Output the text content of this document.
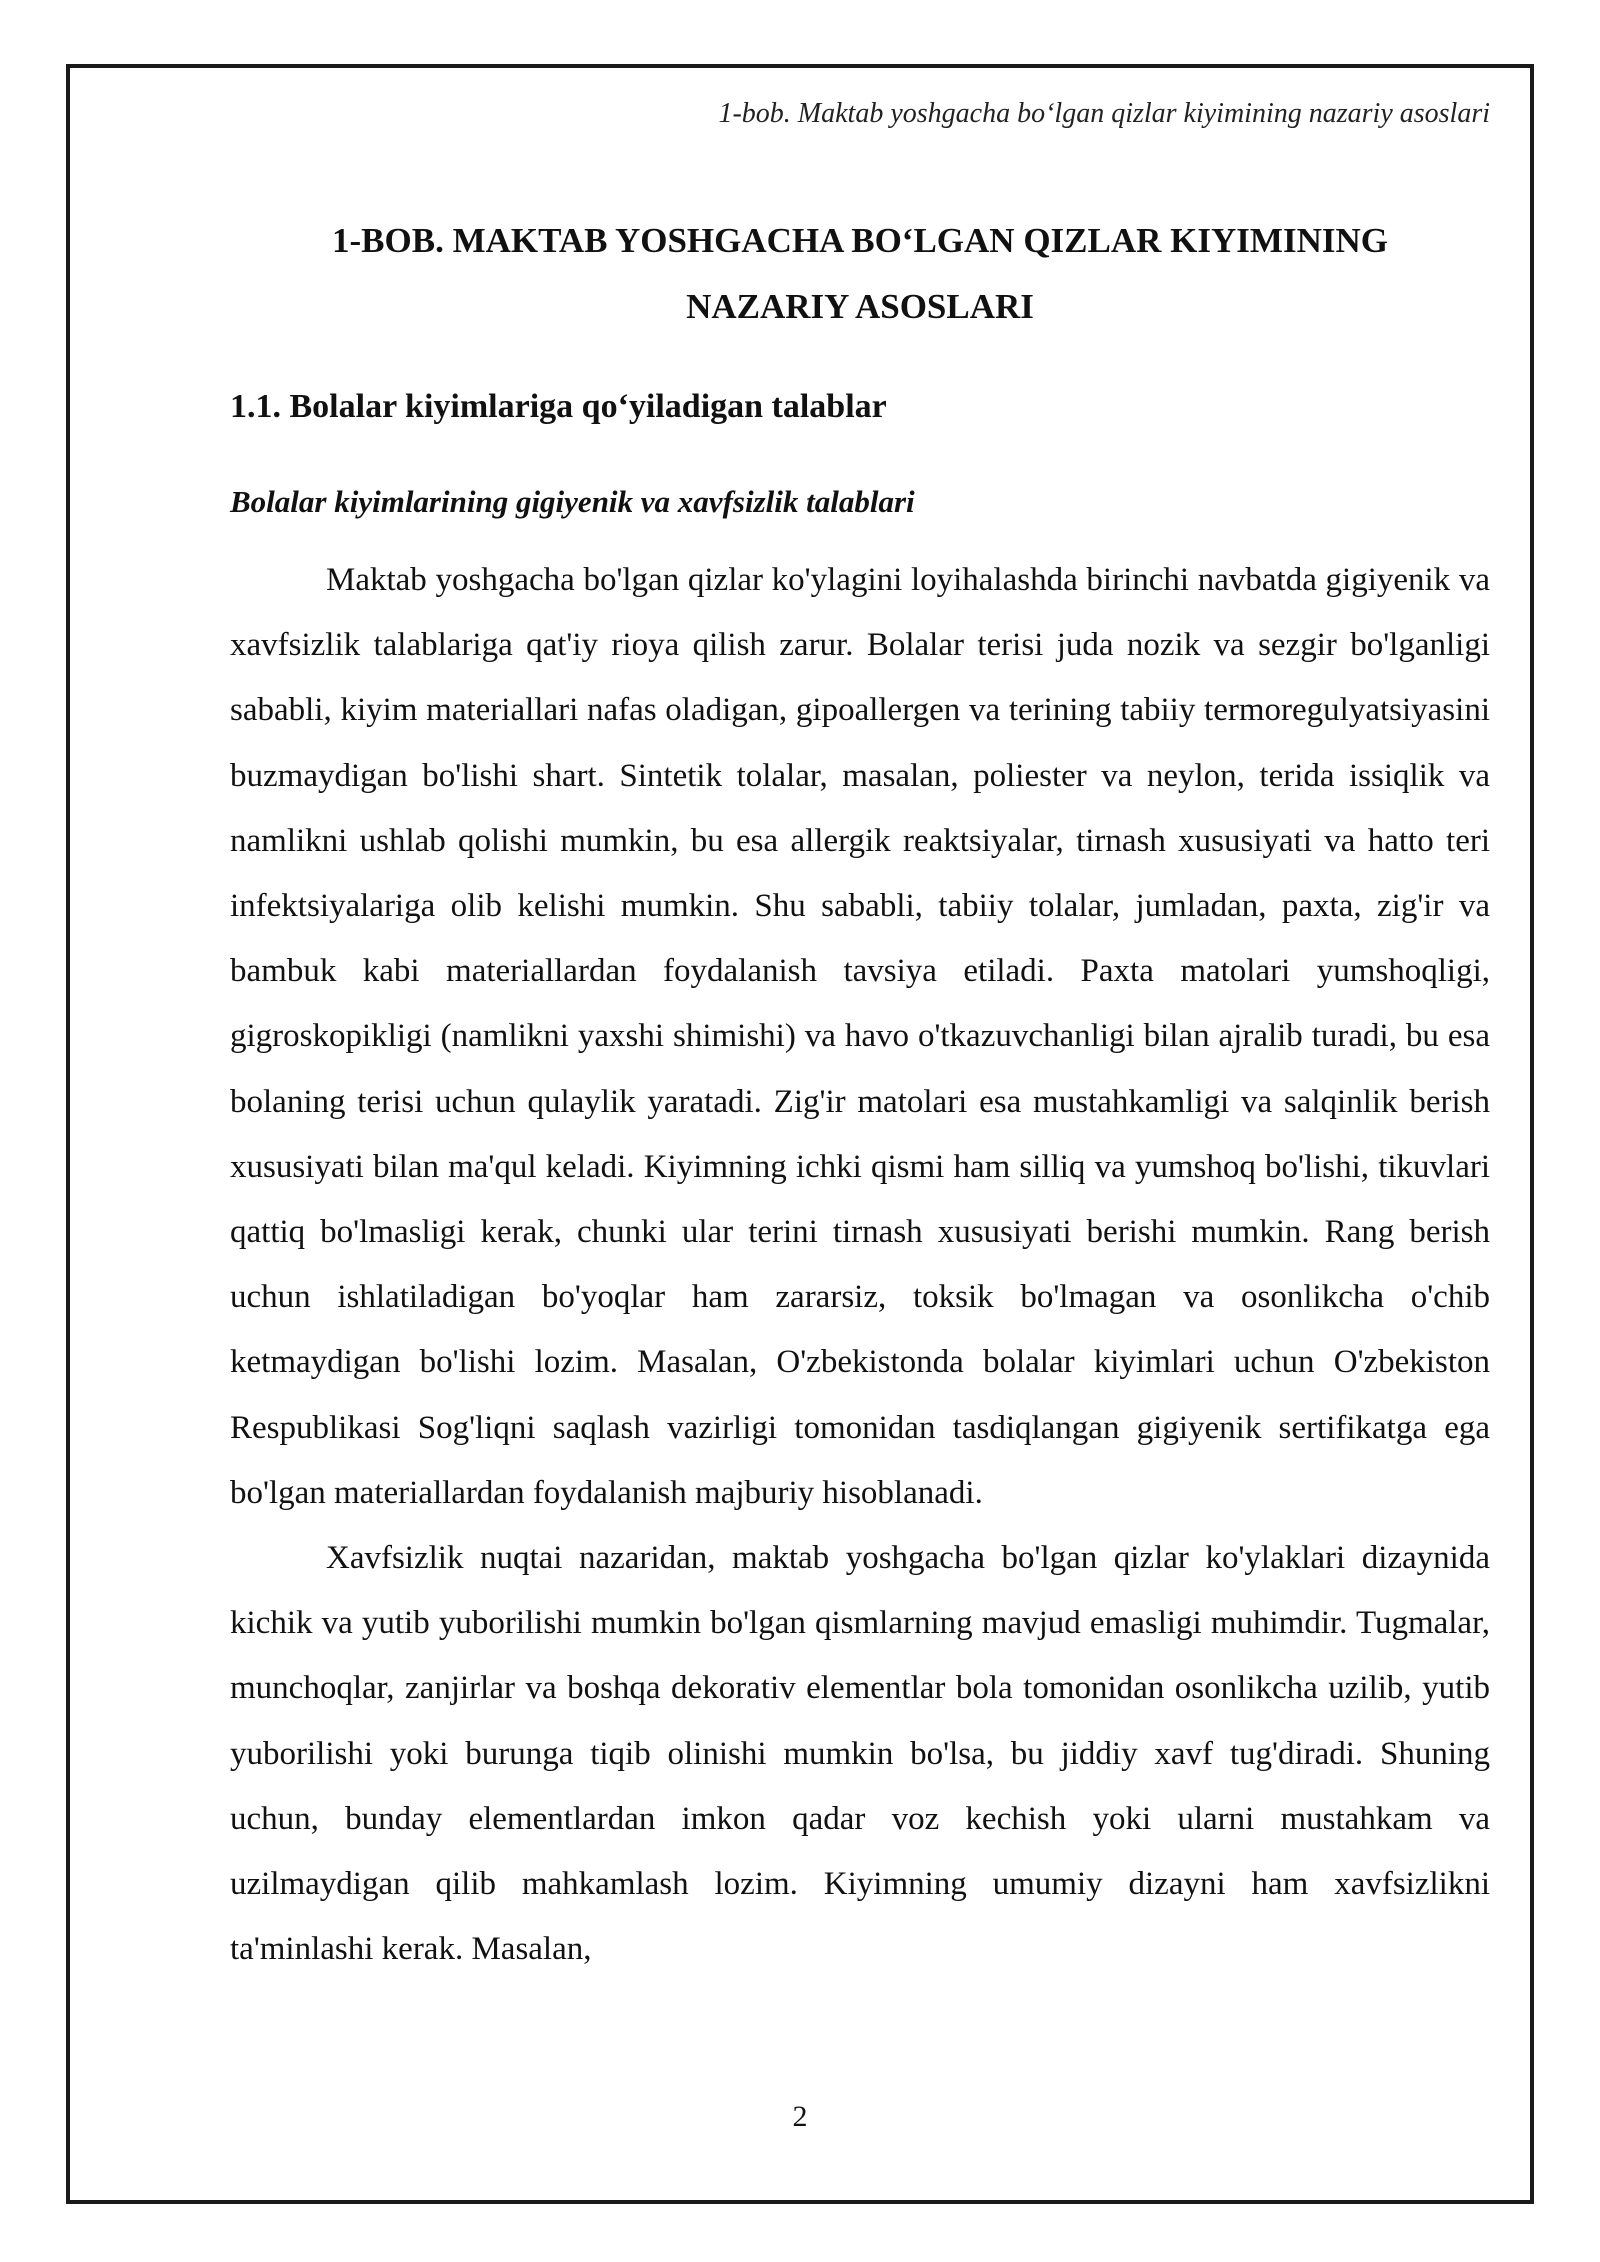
1-bob. Maktab yoshgacha bo‘lgan qizlar kiyimining nazariy asoslari
1-BOB. MAKTAB YOSHGACHA BO‘LGAN QIZLAR KIYIMINING
NAZARIY ASOSLARI
1.1. Bolalar kiyimlariga qo‘yiladigan talablar
Bolalar kiyimlarining gigiyenik va xavfsizlik talablari

Maktab yoshgacha bo'lgan qizlar ko'ylagini loyihalashda birinchi navbatda gigiyenik va xavfsizlik talablariga qat'iy rioya qilish zarur. Bolalar terisi juda nozik va sezgir bo'lganligi sababli, kiyim materiallari nafas oladigan, gipoallergen va terining tabiiy termoregulyatsiyasini buzmaydigan bo'lishi shart. Sintetik tolalar, masalan, poliester va neylon, terida issiqlik va namlikni ushlab qolishi mumkin, bu esa allergik reaktsiyalar, tirnash xususiyati va hatto teri infektsiyalariga olib kelishi mumkin. Shu sababli, tabiiy tolalar, jumladan, paxta, zig'ir va bambuk kabi materiallardan foydalanish tavsiya etiladi. Paxta matolari yumshoqligi, gigroskopikligi (namlikni yaxshi shimishi) va havo o'tkazuvchanligi bilan ajralib turadi, bu esa bolaning terisi uchun qulaylik yaratadi. Zig'ir matolari esa mustahkamligi va salqinlik berish xususiyati bilan ma'qul keladi. Kiyimning ichki qismi ham silliq va yumshoq bo'lishi, tikuvlari qattiq bo'lmasligi kerak, chunki ular terini tirnash xususiyati berishi mumkin. Rang berish uchun ishlatiladigan bo'yoqlar ham zararsiz, toksik bo'lmagan va osonlikcha o'chib ketmaydigan bo'lishi lozim. Masalan, O'zbekistonda bolalar kiyimlari uchun O'zbekiston Respublikasi Sog'liqni saqlash vazirligi tomonidan tasdiqlangan gigiyenik sertifikatga ega bo'lgan materiallardan foydalanish majburiy hisoblanadi.

Xavfsizlik nuqtai nazaridan, maktab yoshgacha bo'lgan qizlar ko'ylaklari dizaynida kichik va yutib yuborilishi mumkin bo'lgan qismlarning mavjud emasligi muhimdir. Tugmalar, munchoqlar, zanjirlar va boshqa dekorativ elementlar bola tomonidan osonlikcha uzilib, yutib yuborilishi yoki burunga tiqib olinishi mumkin bo'lsa, bu jiddiy xavf tug'diradi. Shuning uchun, bunday elementlardan imkon qadar voz kechish yoki ularni mustahkam va uzilmaydigan qilib mahkamlash lozim. Kiyimning umumiy dizayni ham xavfsizlikni ta'minlashi kerak. Masalan,

2
